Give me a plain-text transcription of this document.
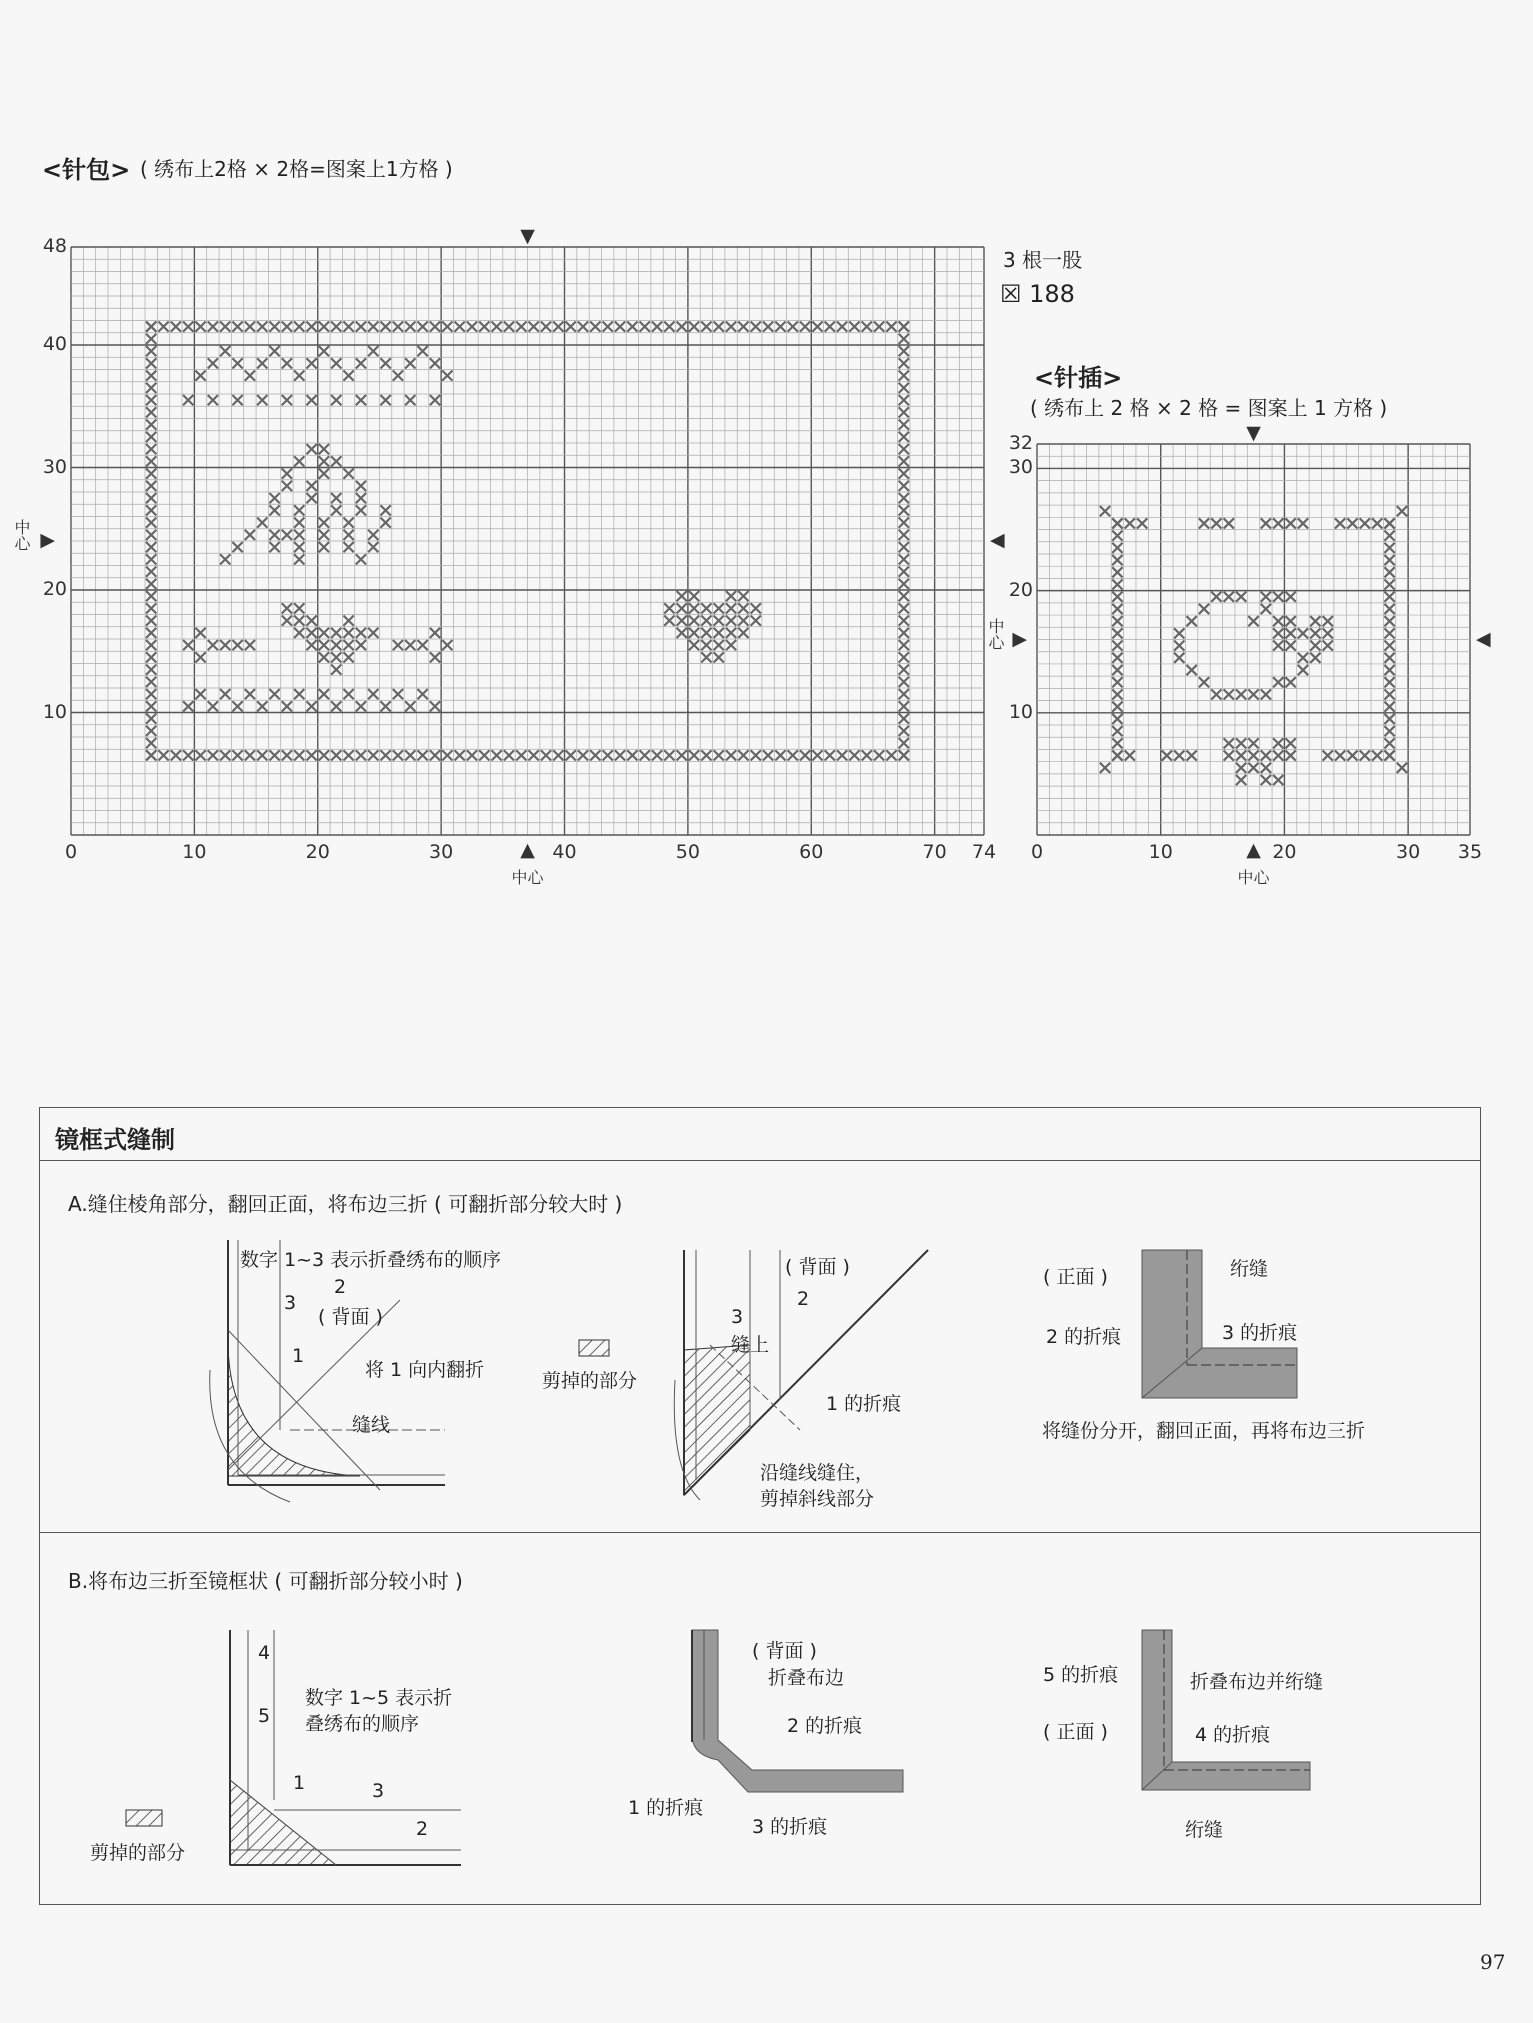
<针包> ( 绣布上2格 × 2格=图案上1方格 )
3 根一股
☒ 188
<针插>
( 绣布上 2 格 × 2 格 = 图案上 1 方格 )
镜框式缝制
A.缝住棱角部分，翻回正面，将布边三折 ( 可翻折部分较大时 )
B.将布边三折至镜框状 ( 可翻折部分较小时 )
数字 1~3 表示折叠绣布的顺序
3
2
( 背面 )
1
将 1 向内翻折
缝线
剪掉的部分
( 背面 )
2
3
缝上
1 的折痕
沿缝线缝住，
剪掉斜线部分
( 正面 )	绗缝
2 的折痕	3 的折痕
将缝份分开，翻回正面，再将布边三折
4
5
数字 1~5 表示折
叠绣布的顺序
1	3
2
剪掉的部分
( 背面 )
折叠布边
2 的折痕
1 的折痕
3 的折痕
5 的折痕
( 正面 )
折叠布边并绗缝
4 的折痕
绗缝
97
0	10	20	30	40	50	60	70 74
48
40
30
20
10
▼
▲
中心
▶
中心	◀
0	10	20	30 35
32
30
20
10
▼
▲
中心
▶
中心	◀
